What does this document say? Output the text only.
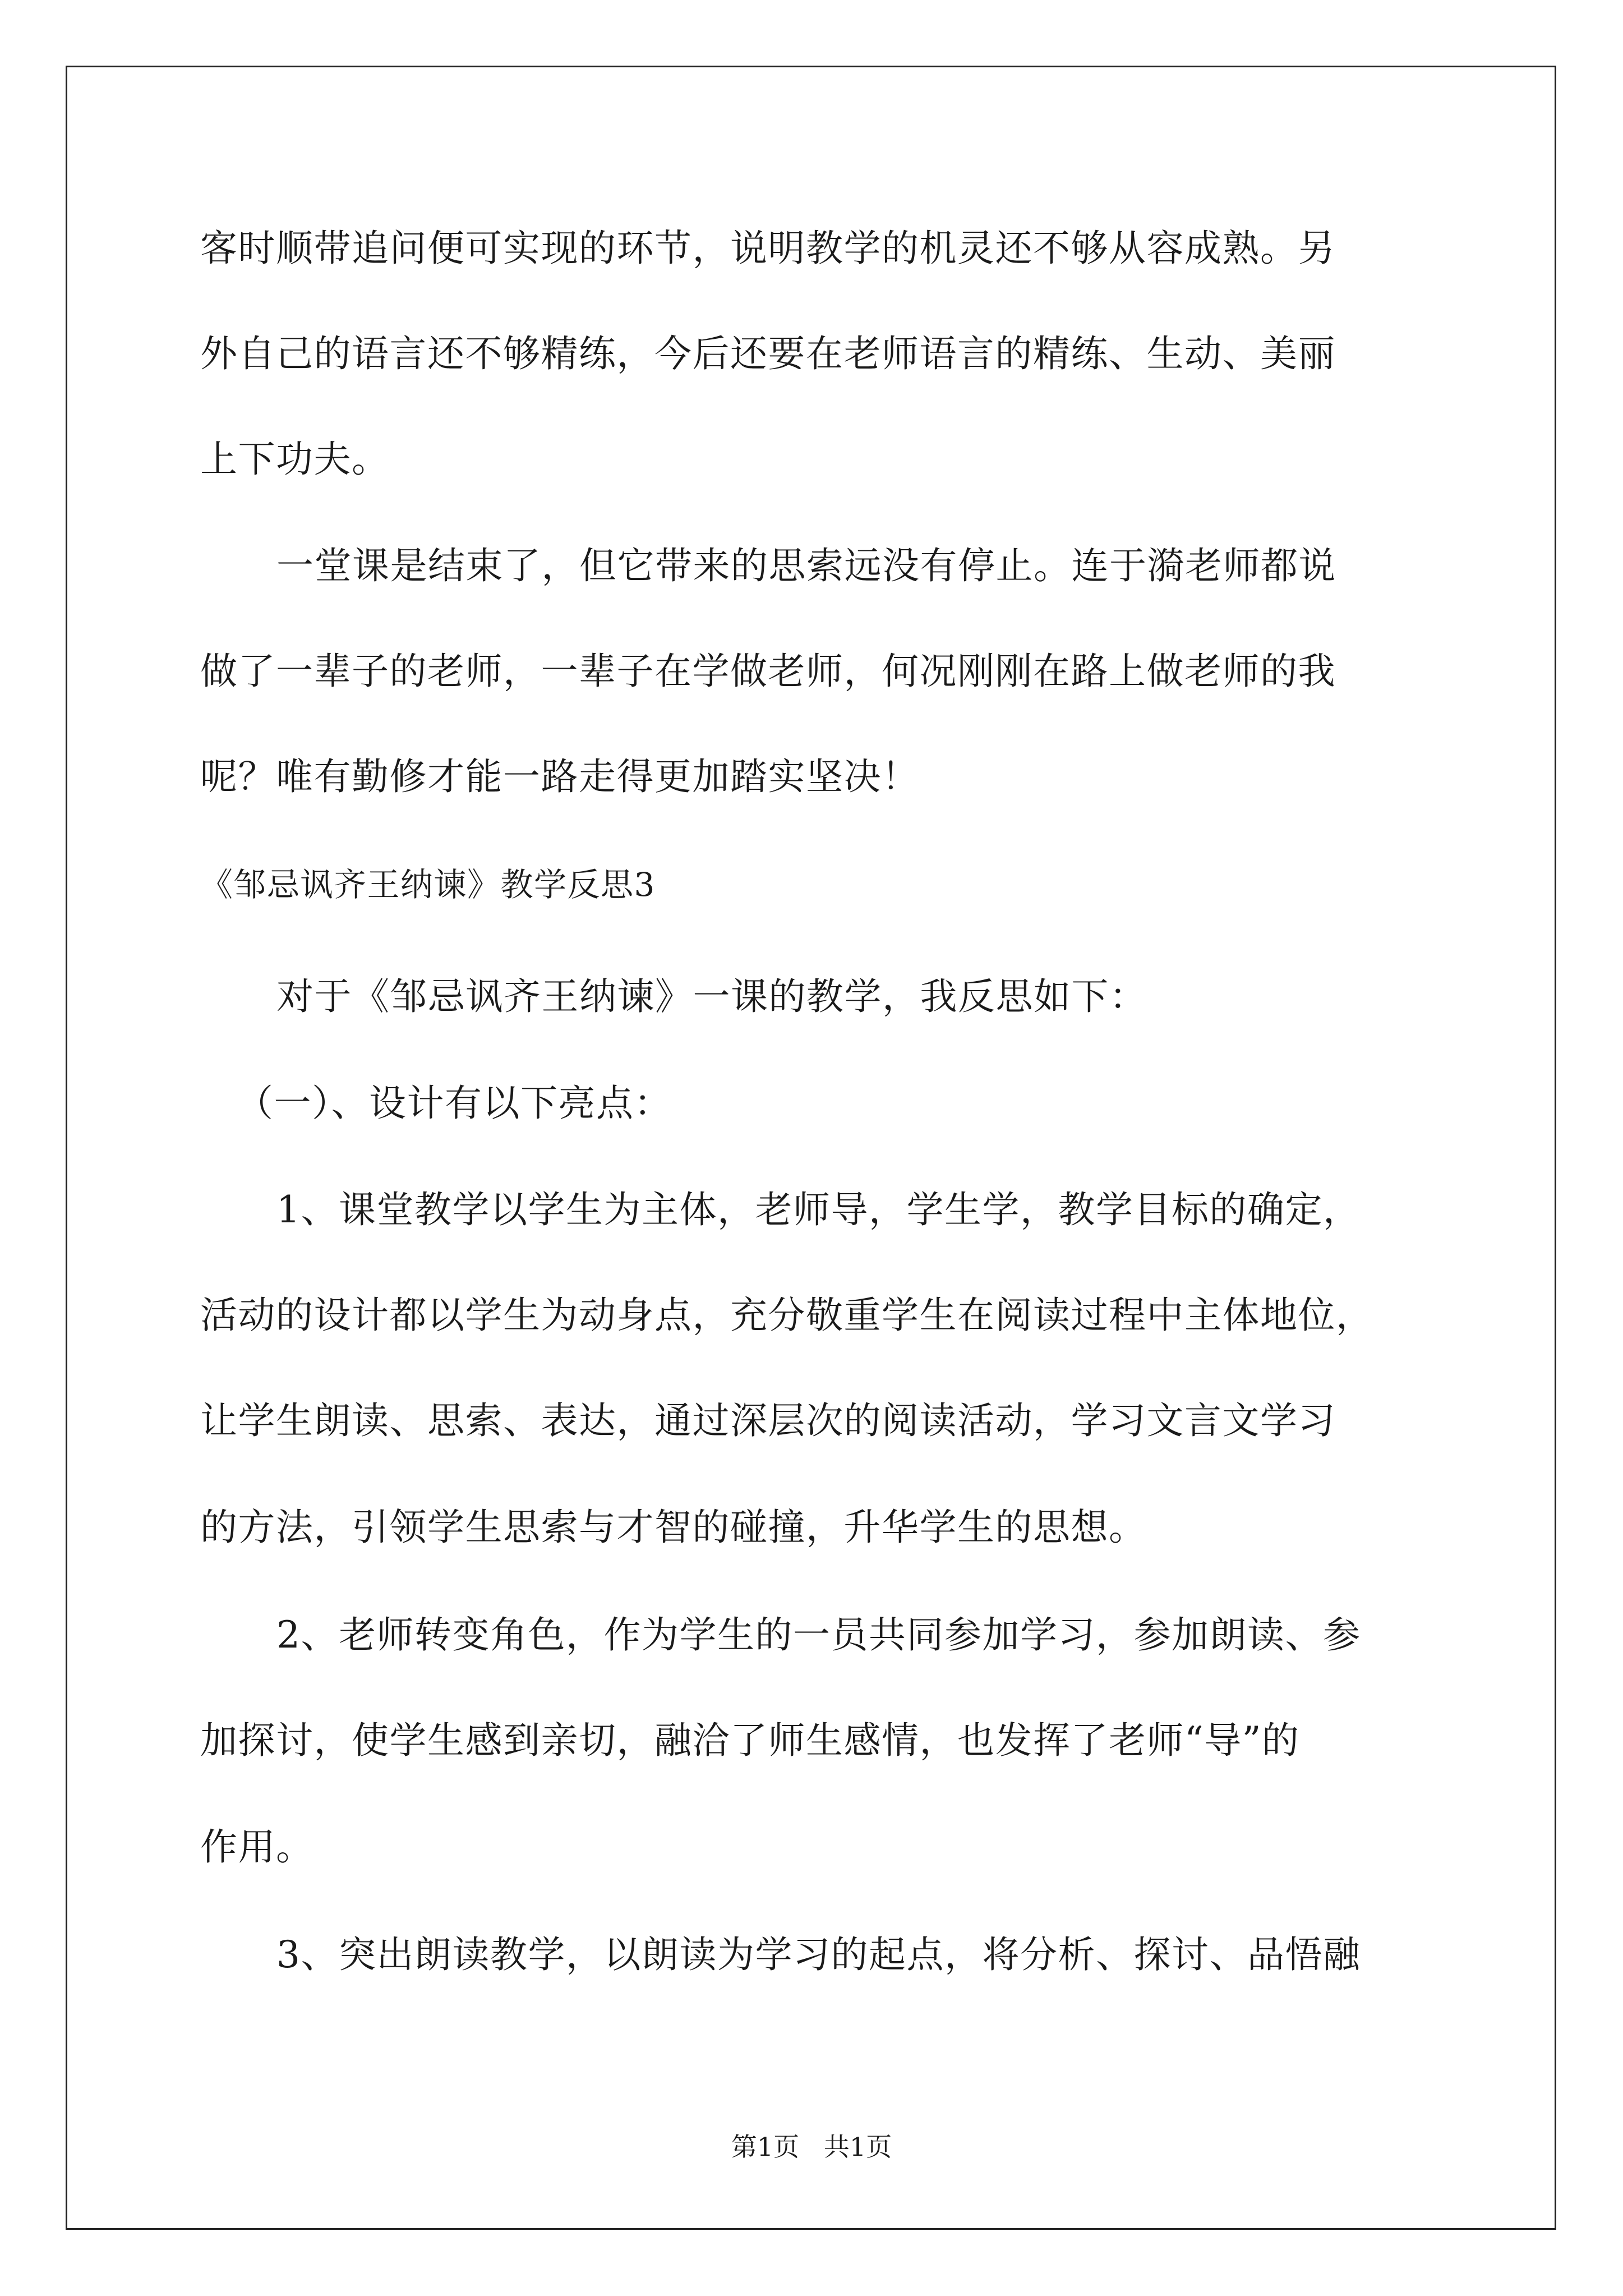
客时顺带追问便可实现的环节，说明教学的机灵还不够从容成熟。另
外自己的语言还不够精练，今后还要在老师语言的精练、生动、美丽
上下功夫。
一堂课是结束了，但它带来的思索远没有停止。连于漪老师都说
做了一辈子的老师，一辈子在学做老师，何况刚刚在路上做老师的我
呢？唯有勤修才能一路走得更加踏实坚决！
《邹忌讽齐王纳谏》教学反思3
对于《邹忌讽齐王纳谏》一课的教学，我反思如下：
（一）、设计有以下亮点：
1、课堂教学以学生为主体，老师导，学生学，教学目标的确定，
活动的设计都以学生为动身点，充分敬重学生在阅读过程中主体地位，
让学生朗读、思索、表达，通过深层次的阅读活动，学习文言文学习
的方法，引领学生思索与才智的碰撞，升华学生的思想。
2、老师转变角色，作为学生的一员共同参加学习，参加朗读、参
加探讨，使学生感到亲切，融洽了师生感情，也发挥了老师“导”的
作用。
3、突出朗读教学，以朗读为学习的起点，将分析、探讨、品悟融
第1页   共1页
